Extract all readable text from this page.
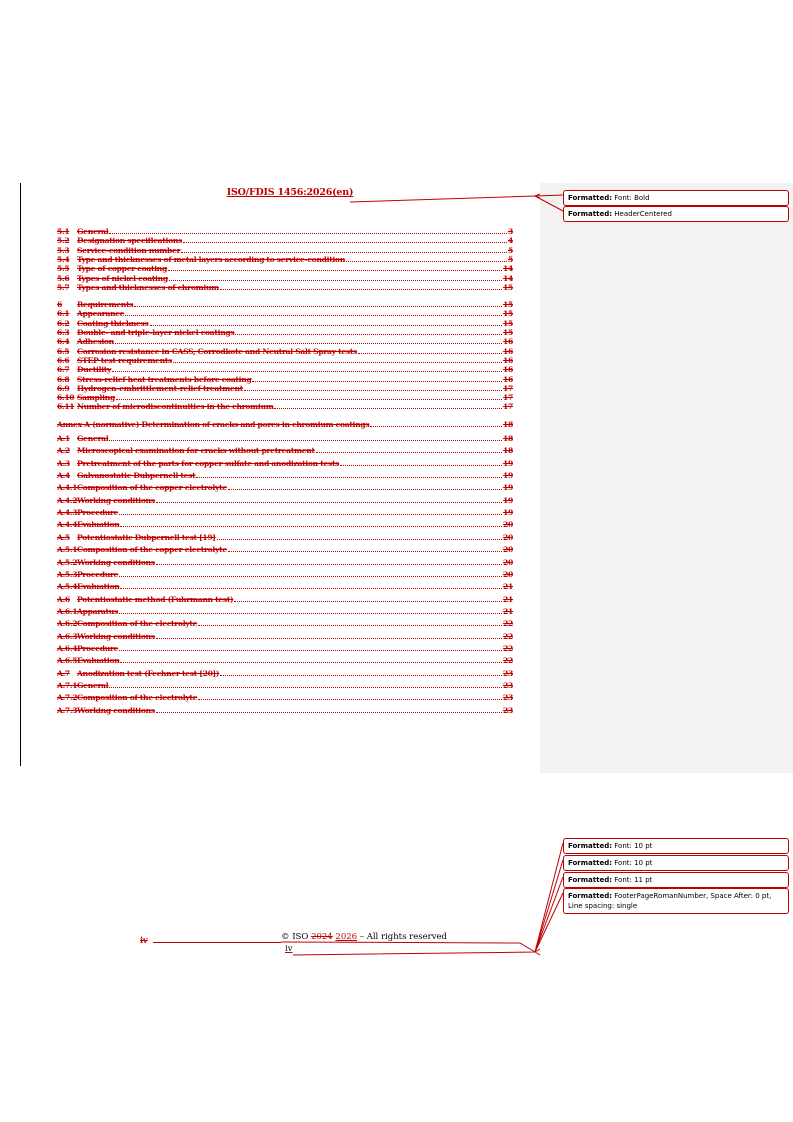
ISO/FDIS 1456:2026(en)
5.1	General	3
5.2	Designation specifications	4
5.3	Service-condition number	5
5.4	Type and thicknesses of metal layers according to service-condition	5
5.5	Type of copper coating	14
5.6	Types of nickel coating	14
5.7	Types and thicknesses of chromium	15
6	Requirements	15
6.1	Appearance	15
6.2	Coating thickness	15
6.3	Double- and triple-layer nickel coatings	15
6.4	Adhesion	16
6.5	Corrosion resistance in CASS, Corrodkote and Neutral Salt Spray tests	16
6.6	STEP test requirements	16
6.7	Ductility	16
6.8	Stress-relief heat treatments before coating	16
6.9	Hydrogen-embrittlement-relief treatment	17
6.10 Sampling	17
6.11 Number of microdiscontinuities in the chromium	17
Annex A (normative) Determination of cracks and pores in chromium coatings	18
A.1 General	18
A.2 Microscopical examination for cracks without pretreatment	18
A.3 Pretreatment of the parts for copper sulfate and anodization tests	19
A.4 Galvanostatic Dubpernell test	19
A.4.1 Composition of the copper electrolyte	19
A.4.2 Working conditions	19
A.4.3 Procedure	19
A.4.4 Evaluation	20
A.5 Potentiostatic Dubpernell test [19]	20
A.5.1 Composition of the copper electrolyte	20
A.5.2 Working conditions	20
A.5.3 Procedure	20
A.5.4 Evaluation	21
A.6 Potentiostatic method (Fuhrmann test)	21
A.6.1 Apparatus	21
A.6.2 Composition of the electrolyte	22
A.6.3 Working conditions	22
A.6.4 Procedure	22
A.6.5 Evaluation	22
A.7 Anodization test (Fechner test [20])	23
A.7.1 General	23
A.7.2 Composition of the electrolyte	23
A.7.3 Working conditions	23
iv	© ISO 2024 2026 – All rights reserved
iv
Formatted: Font: Bold
Formatted: HeaderCentered
Formatted: Font: 10 pt
Formatted: Font: 10 pt
Formatted: Font: 11 pt
Formatted: FooterPageRomanNumber, Space After: 0 pt, Line spacing: single
